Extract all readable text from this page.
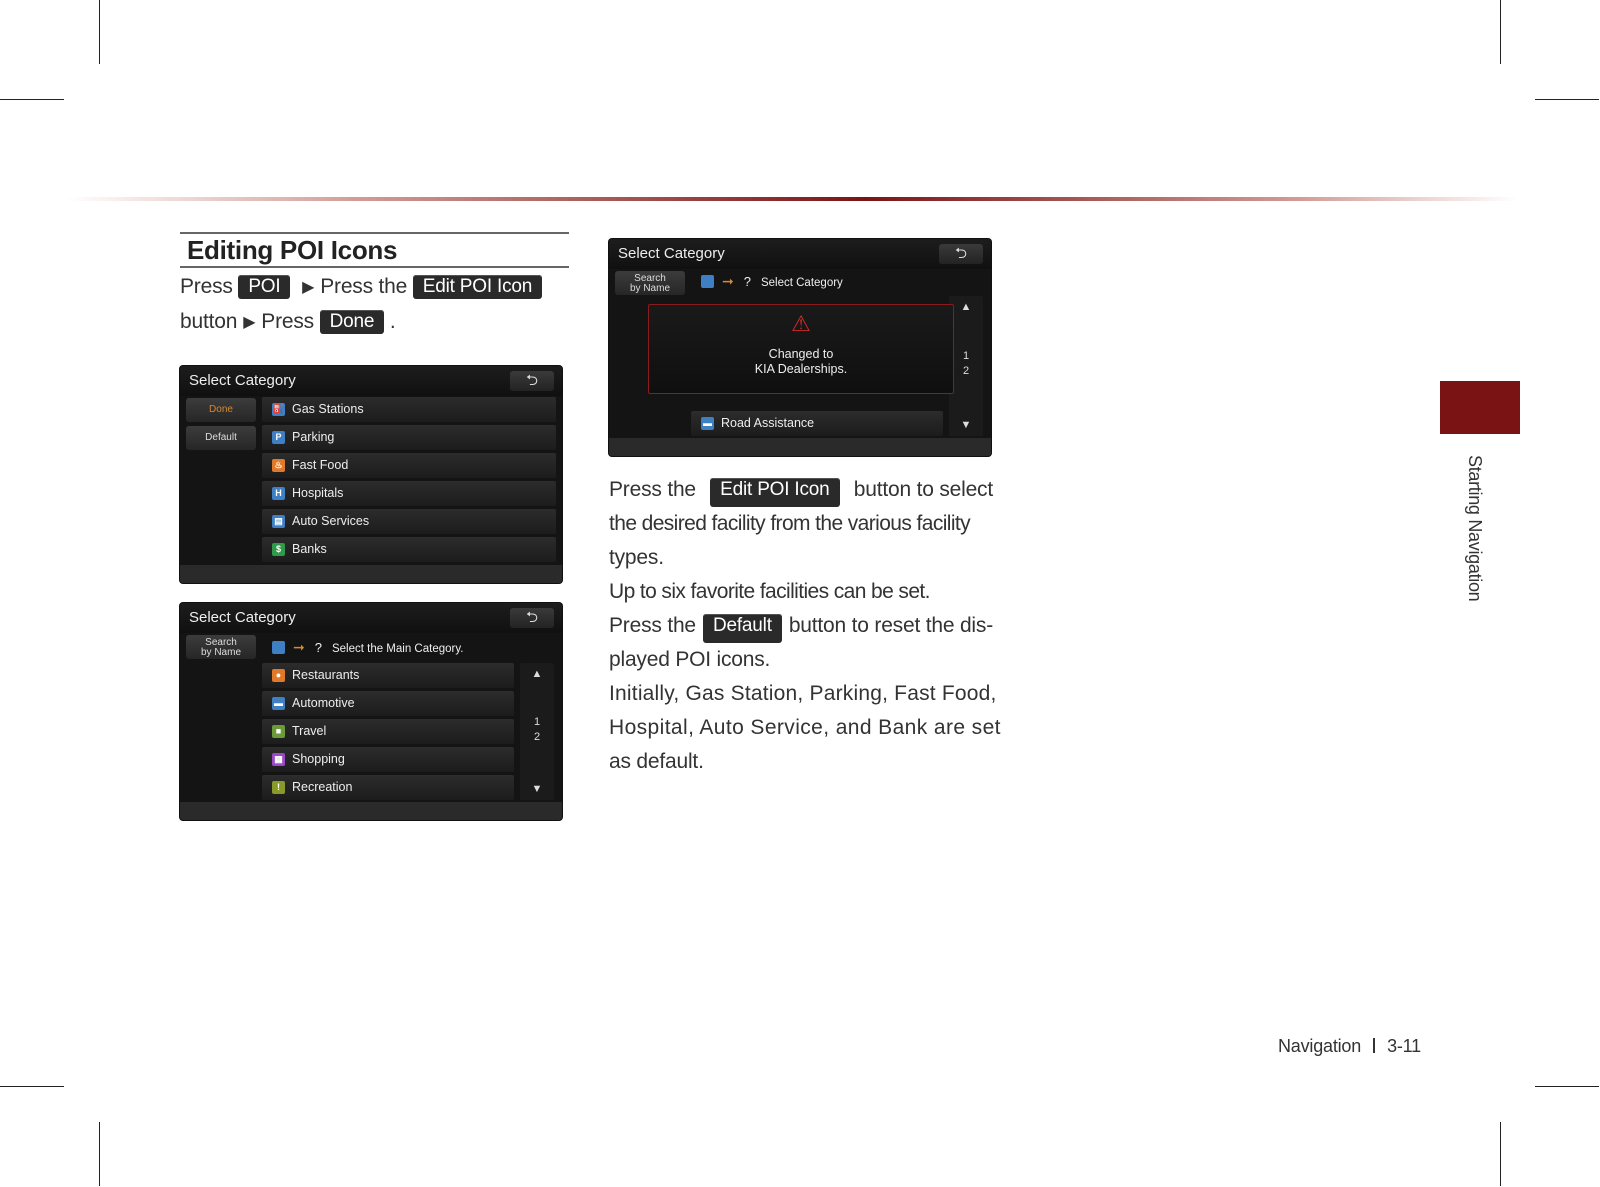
Editing POI Icons
Press POI ▶ Press the Edit POI Icon
button ▶ Press Done .
Select Category	⮌
Done
Default
⛽ Gas Stations
P Parking
♨ Fast Food
H Hospitals
▤ Auto Services
$ Banks
Select Category	⮌
Search
by Name	➞ ? Select the Main Category.
● Restaurants
▬ Automotive
■ Travel
▦ Shopping
! Recreation
▲
1
2
▼
Select Category	⮌
Search
by Name	➞ ? Select Category
▬ Road Assistance
▲
1
2
▼
⚠
Changed to
KIA Dealerships.
Press the	Edit POI Icon	button to select
the desired facility from the various facility
types.
Up to six favorite facilities can be set.
Press the Default button to reset the dis-
played POI icons.
Initially, Gas Station, Parking, Fast Food,
Hospital, Auto Service, and Bank are set
as default.
Starting Navigation
Navigation 3-11
